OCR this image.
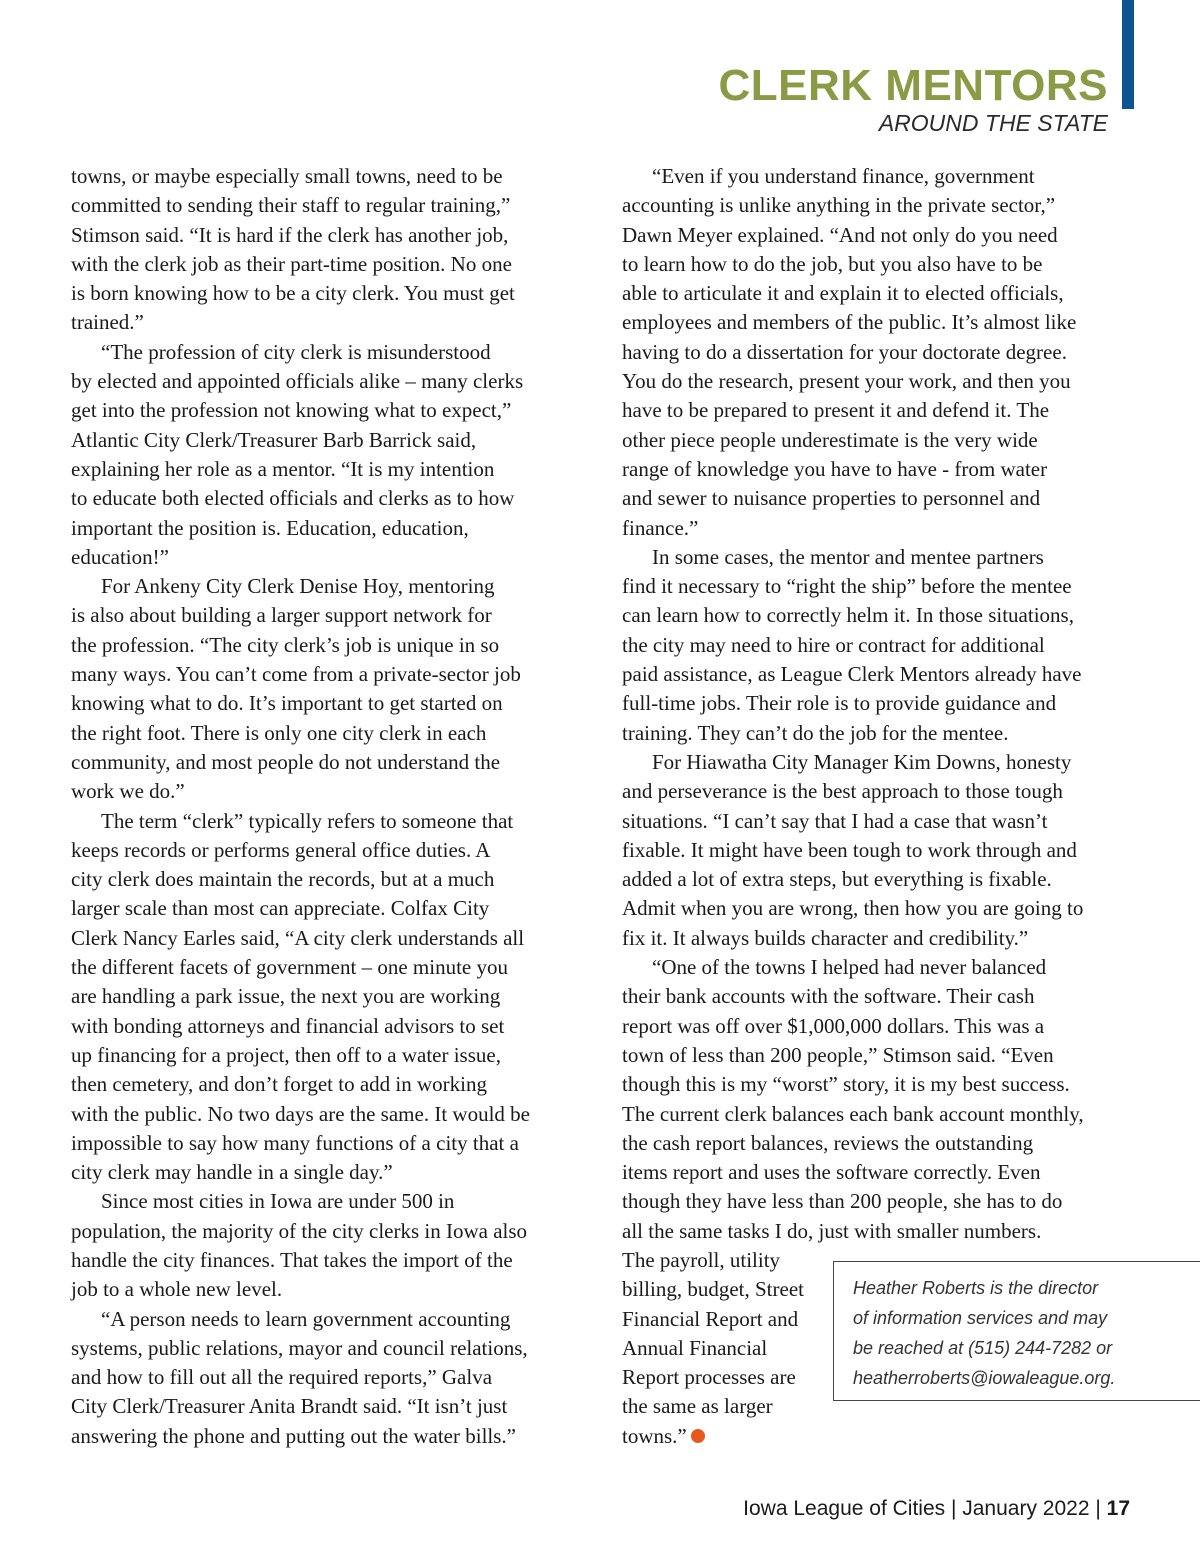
CLERK MENTORS
AROUND THE STATE

towns, or maybe especially small towns, need to be
committed to sending their staff to regular training,”
Stimson said. “It is hard if the clerk has another job,
with the clerk job as their part-time position. No one
is born knowing how to be a city clerk. You must get
trained.”

“The profession of city clerk is misunderstood
by elected and appointed officials alike – many clerks
get into the profession not knowing what to expect,”
Atlantic City Clerk/Treasurer Barb Barrick said,
explaining her role as a mentor. “It is my intention
to educate both elected officials and clerks as to how
important the position is. Education, education,
education!”

For Ankeny City Clerk Denise Hoy, mentoring
is also about building a larger support network for
the profession. “The city clerk’s job is unique in so
many ways. You can’t come from a private-sector job
knowing what to do. It’s important to get started on
the right foot. There is only one city clerk in each
community, and most people do not understand the
work we do.”

The term “clerk” typically refers to someone that
keeps records or performs general office duties. A
city clerk does maintain the records, but at a much
larger scale than most can appreciate. Colfax City
Clerk Nancy Earles said, “A city clerk understands all
the different facets of government – one minute you
are handling a park issue, the next you are working
with bonding attorneys and financial advisors to set
up financing for a project, then off to a water issue,
then cemetery, and don’t forget to add in working
with the public. No two days are the same. It would be
impossible to say how many functions of a city that a
city clerk may handle in a single day.”

Since most cities in Iowa are under 500 in
population, the majority of the city clerks in Iowa also
handle the city finances. That takes the import of the
job to a whole new level.

“A person needs to learn government accounting
systems, public relations, mayor and council relations,
and how to fill out all the required reports,” Galva
City Clerk/Treasurer Anita Brandt said. “It isn’t just
answering the phone and putting out the water bills.”

“Even if you understand finance, government
accounting is unlike anything in the private sector,”
Dawn Meyer explained. “And not only do you need
to learn how to do the job, but you also have to be
able to articulate it and explain it to elected officials,
employees and members of the public. It’s almost like
having to do a dissertation for your doctorate degree.
You do the research, present your work, and then you
have to be prepared to present it and defend it. The
other piece people underestimate is the very wide
range of knowledge you have to have - from water
and sewer to nuisance properties to personnel and
finance.”

In some cases, the mentor and mentee partners
find it necessary to “right the ship” before the mentee
can learn how to correctly helm it. In those situations,
the city may need to hire or contract for additional
paid assistance, as League Clerk Mentors already have
full-time jobs. Their role is to provide guidance and
training. They can’t do the job for the mentee.

For Hiawatha City Manager Kim Downs, honesty
and perseverance is the best approach to those tough
situations. “I can’t say that I had a case that wasn’t
fixable. It might have been tough to work through and
added a lot of extra steps, but everything is fixable.
Admit when you are wrong, then how you are going to
fix it. It always builds character and credibility.”

“One of the towns I helped had never balanced
their bank accounts with the software. Their cash
report was off over $1,000,000 dollars. This was a
town of less than 200 people,” Stimson said. “Even
though this is my “worst” story, it is my best success.
The current clerk balances each bank account monthly,
the cash report balances, reviews the outstanding
items report and uses the software correctly. Even
though they have less than 200 people, she has to do
all the same tasks I do, just with smaller numbers.
The payroll, utility
billing, budget, Street
Financial Report and
Annual Financial
Report processes are
the same as larger
towns.”

Heather Roberts is the director
of information services and may
be reached at (515) 244-7282 or
heatherroberts@iowaleague.org.
Iowa League of Cities | January 2022 | 17
